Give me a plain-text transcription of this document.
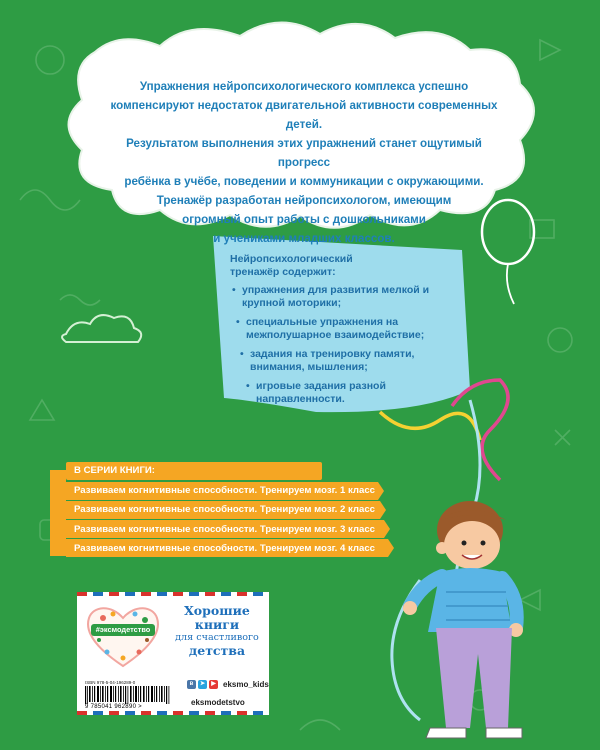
Упражнения нейропсихологического комплекса успешно

компенсируют недостаток двигательной активности современных детей.

Результатом выполнения этих упражнений станет ощутимый прогресс

ребёнка в учёбе, поведении и коммуникации с окружающими.

Тренажёр разработан нейропсихологом, имеющим

огромный опыт работы с дошкольниками

и учениками младших классов.

Нейропсихологический тренажёр содержит:

• упражнения для развития мелкой и крупной моторики;
• специальные упражнения на межполушарное взаимодействие;
• задания на тренировку памяти, внимания, мышления;
• игровые задания разной направленности.
В СЕРИИ КНИГИ:
Развиваем когнитивные способности. Тренируем мозг. 1 класс
Развиваем когнитивные способности. Тренируем мозг. 2 класс
Развиваем когнитивные способности. Тренируем мозг. 3 класс
Развиваем когнитивные способности. Тренируем мозг. 4 класс
#эксмодетство
Хорошие
книги
для счастливого
детства
ISBN 978-5-04-196289-0
9 785041 962890 >
в	➤	▶ eksmo_kids
eksmodetstvo
